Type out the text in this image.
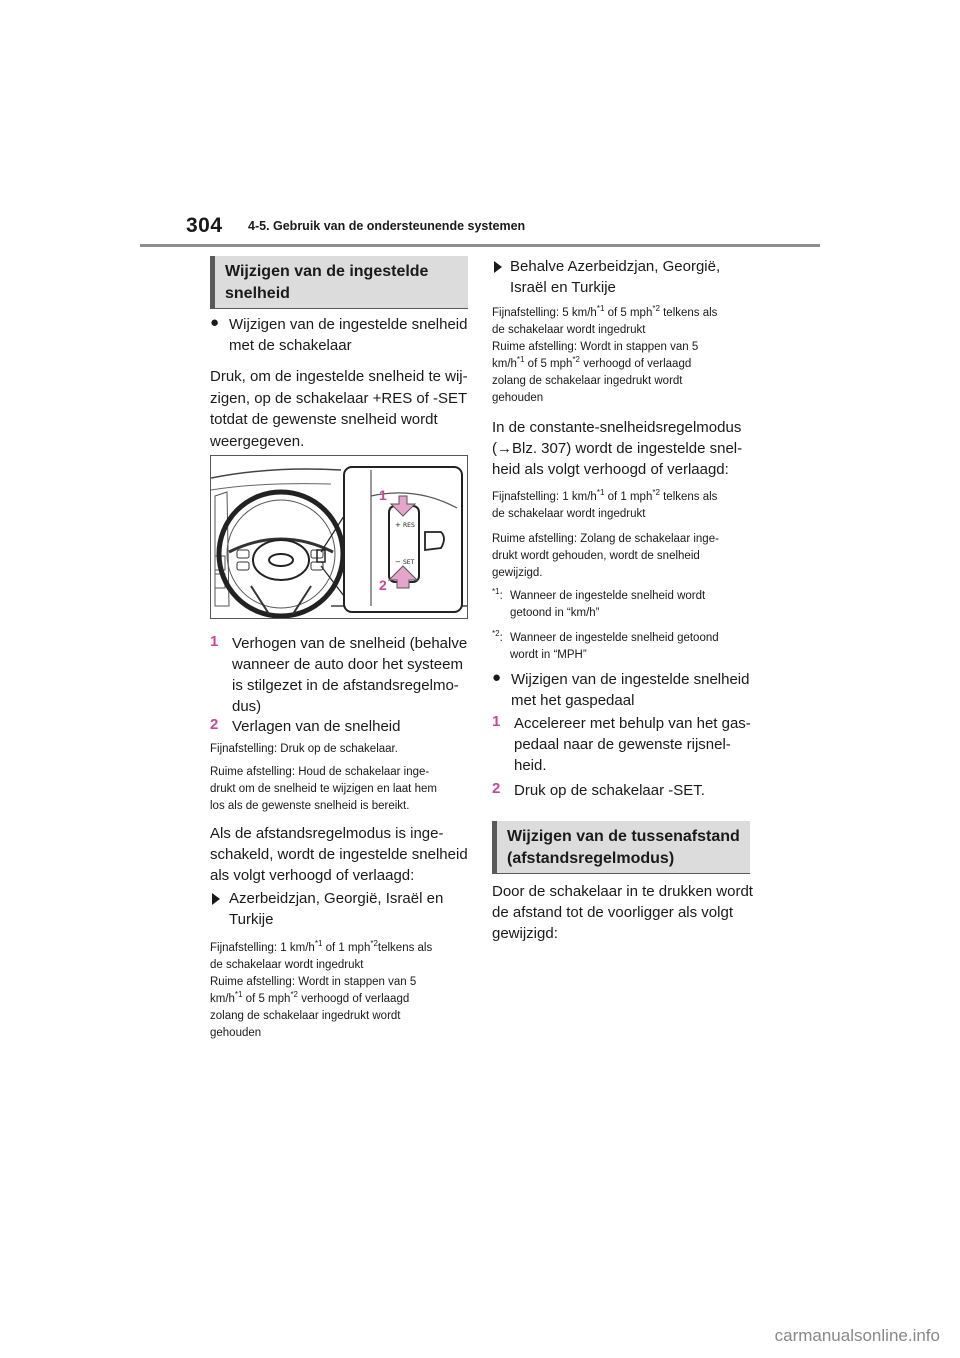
304 4-5. Gebruik van de ondersteunende systemen
Wijzigen van de ingestelde
snelheid
● Wijzigen van de ingestelde snelheid
met de schakelaar
Druk, om de ingestelde snelheid te wij-
zigen, op de schakelaar +RES of -SET
totdat de gewenste snelheid wordt
weergegeven.
+ RES
− SET
1
2
1 Verhogen van de snelheid (behalve
wanneer de auto door het systeem
is stilgezet in de afstandsregelmo-
dus)
2 Verlagen van de snelheid
Fijnafstelling: Druk op de schakelaar.
Ruime afstelling: Houd de schakelaar inge-
drukt om de snelheid te wijzigen en laat hem
los als de gewenste snelheid is bereikt.
Als de afstandsregelmodus is inge-
schakeld, wordt de ingestelde snelheid
als volgt verhoogd of verlaagd:
Azerbeidzjan, Georgië, Israël en
Turkije
Fijnafstelling: 1 $km/h^{*1}$ of 1 mph$^{*2}$telkens als
de schakelaar wordt ingedrukt
Ruime afstelling: Wordt in stappen van 5
$km/h^{*1}$ of 5 mph$^{*2}$ verhoogd of verlaagd
zolang de schakelaar ingedrukt wordt
gehouden
Behalve Azerbeidzjan, Georgië,
Israël en Turkije
Fijnafstelling: 5 $km/h^{*1}$ of 5 mph$^{*2}$ telkens als
de schakelaar wordt ingedrukt
Ruime afstelling: Wordt in stappen van 5
$km/h^{*1}$ of 5 mph$^{*2}$ verhoogd of verlaagd
zolang de schakelaar ingedrukt wordt
gehouden
In de constante-snelheidsregelmodus
(→Blz. 307) wordt de ingestelde snel-
heid als volgt verhoogd of verlaagd:
Fijnafstelling: 1 $km/h^{*1}$ of 1 mph$^{*2}$ telkens als
de schakelaar wordt ingedrukt
Ruime afstelling: Zolang de schakelaar inge-
drukt wordt gehouden, wordt de snelheid
gewijzigd.
$^{*1}$: Wanneer de ingestelde snelheid wordt
getoond in “km/h”
$^{*2}$: Wanneer de ingestelde snelheid getoond
wordt in “MPH”
● Wijzigen van de ingestelde snelheid
met het gaspedaal
1 Accelereer met behulp van het gas-
pedaal naar de gewenste rijsnel-
heid.
2 Druk op de schakelaar -SET.
Wijzigen van de tussenafstand
(afstandsregelmodus)
Door de schakelaar in te drukken wordt
de afstand tot de voorligger als volgt
gewijzigd:
carmanualsonline.info
